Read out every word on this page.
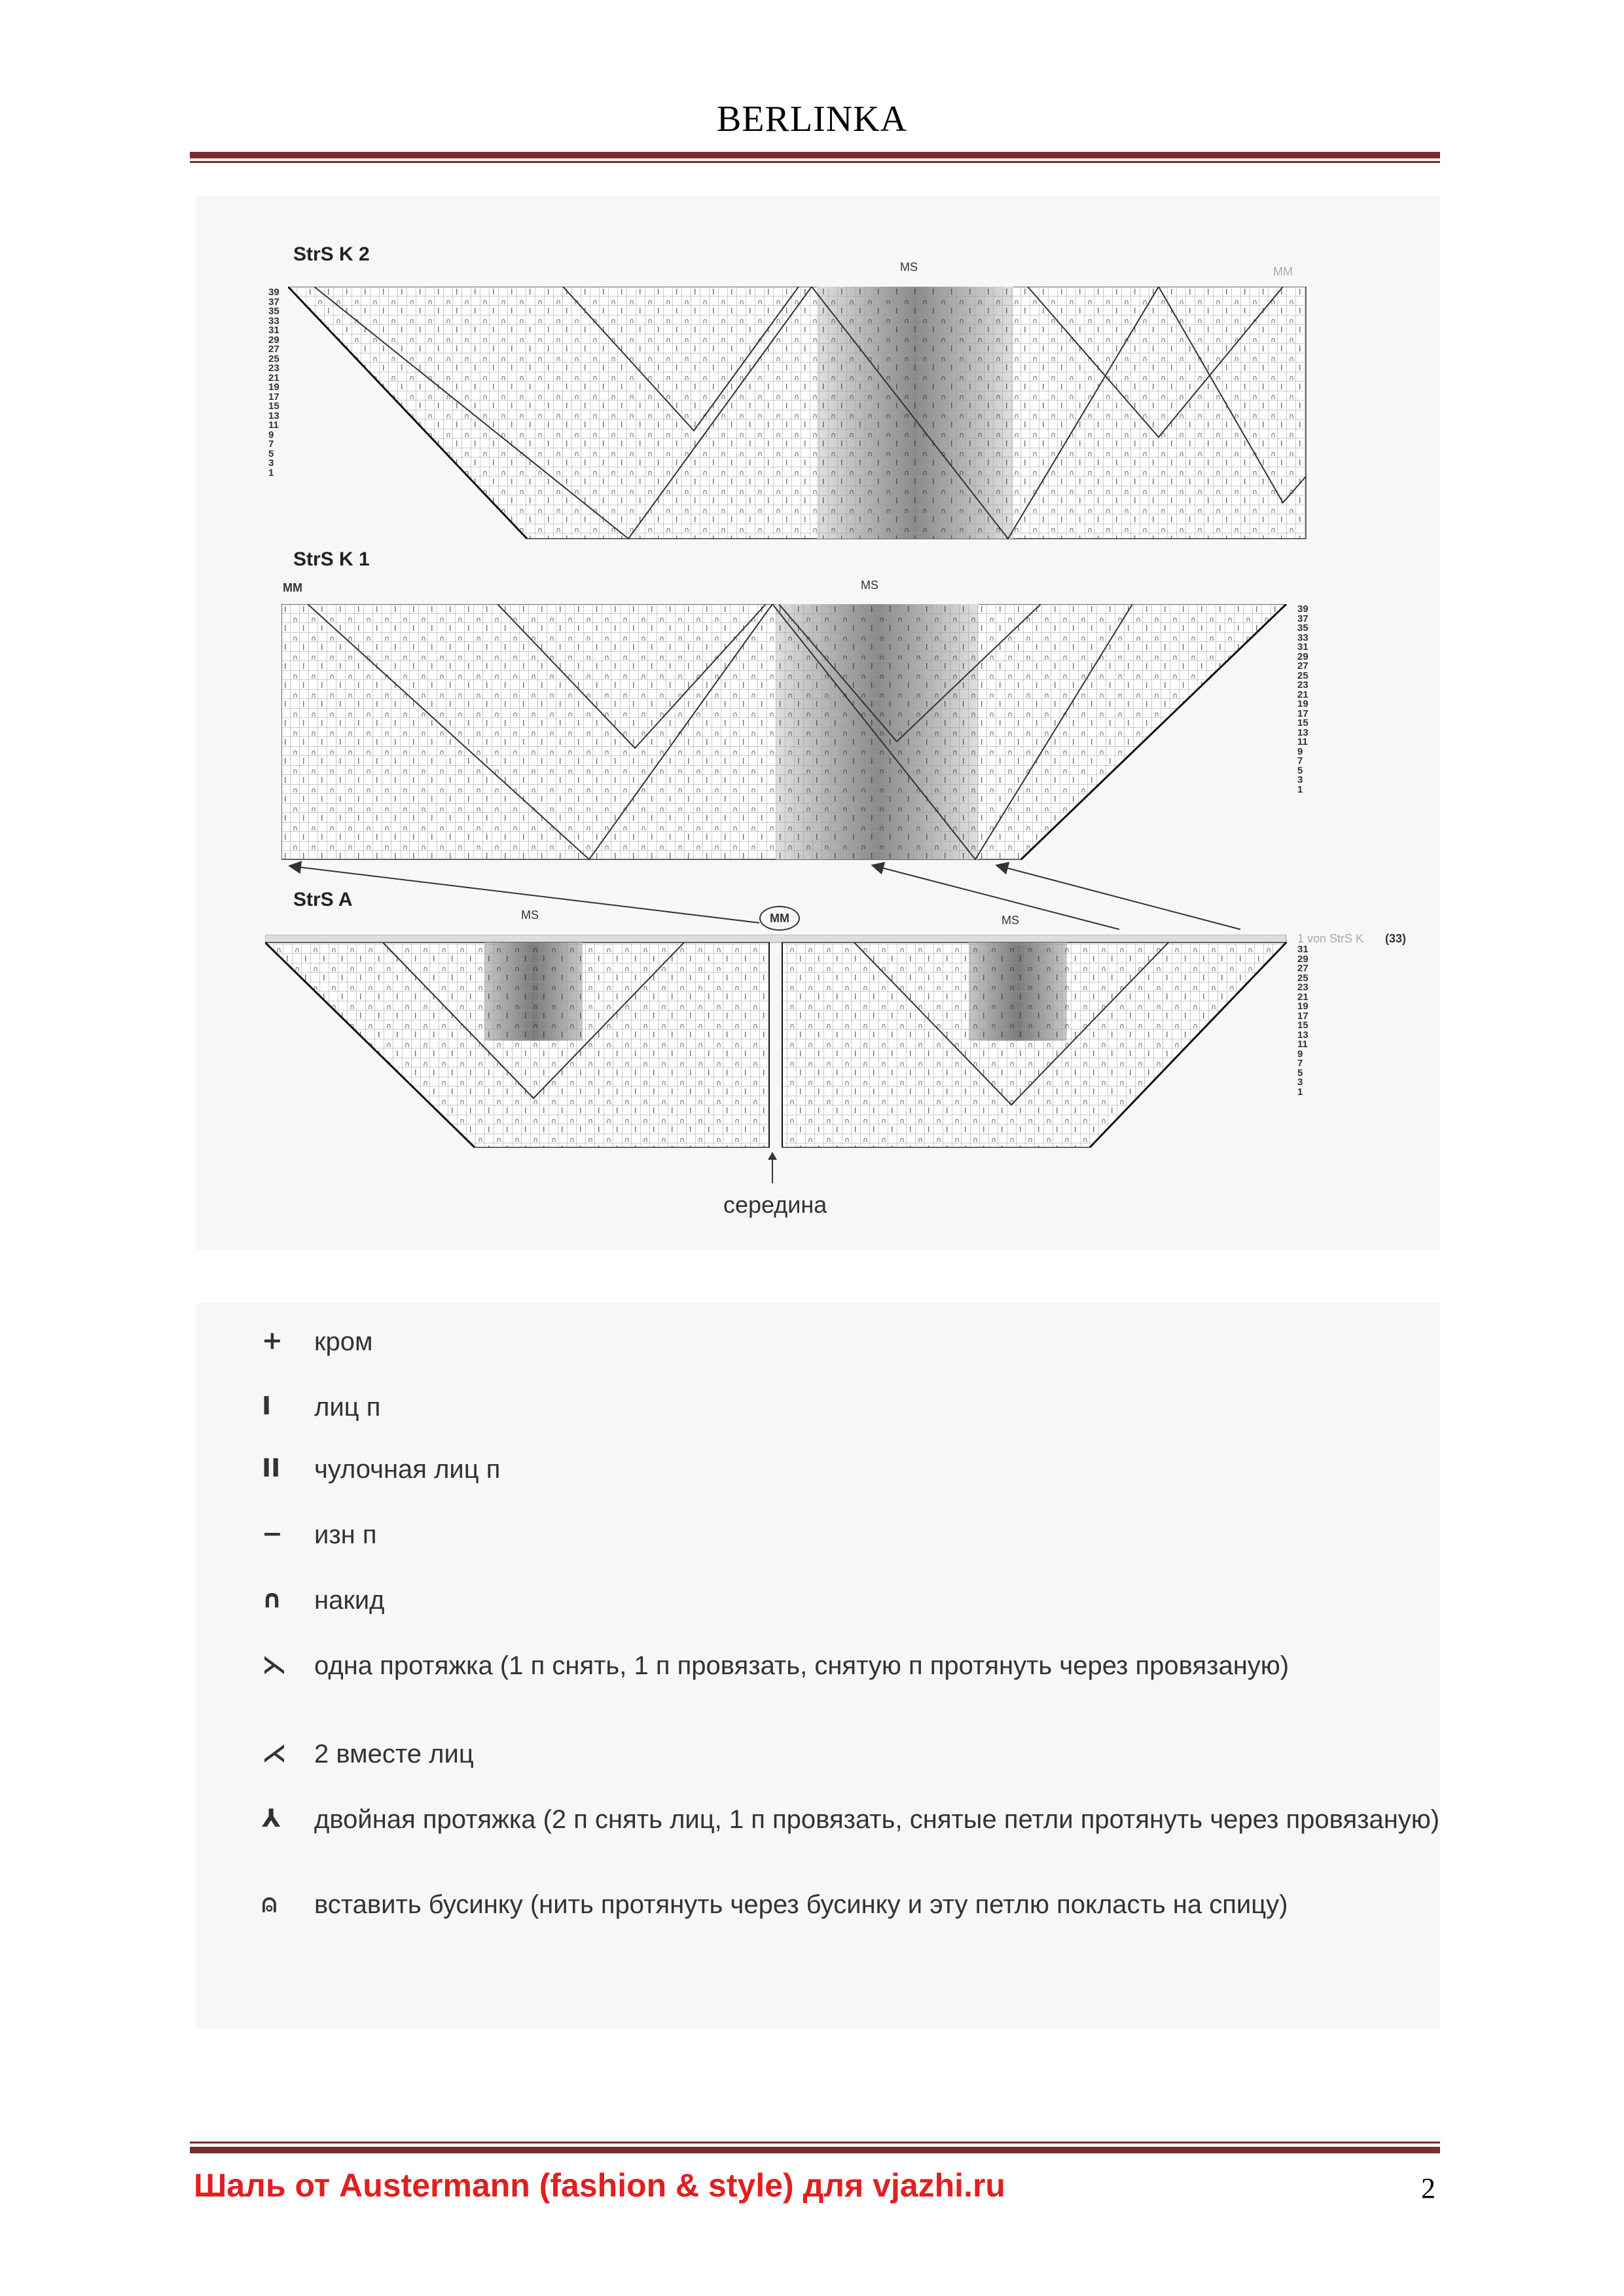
BERLINKA
StrS K 2
MS	MM
39
37
35
33
31
29
27
25
23
21
19
17
15
13
11
9
7
5
3
1
StrS K 1
MM	MS
39
37
35
33
31
29
27
25
23
21
19
17
15
13
11
9
7
5
3
1
StrS A
MS	MS
MM
1 von StrS K (33)
31
29
27
25
23
21
19
17
15
13
11
9
7
5
3
1
середина
+	кром
I	лиц п
II	чулочная лиц п
−	изн п
∩	накид
⋋	одна протяжка (1 п снять, 1 п провязать, снятую п протянуть через провязаную)
⋌	2 вместе лиц
⅄	двойная протяжка (2 п снять лиц, 1 п провязать, снятые петли протянуть через провязаную)
⍝	вставить бусинку (нить протянуть через бусинку и эту петлю покласть на спицу)
Шаль от Austermann (fashion & style) для vjazhi.ru	2
